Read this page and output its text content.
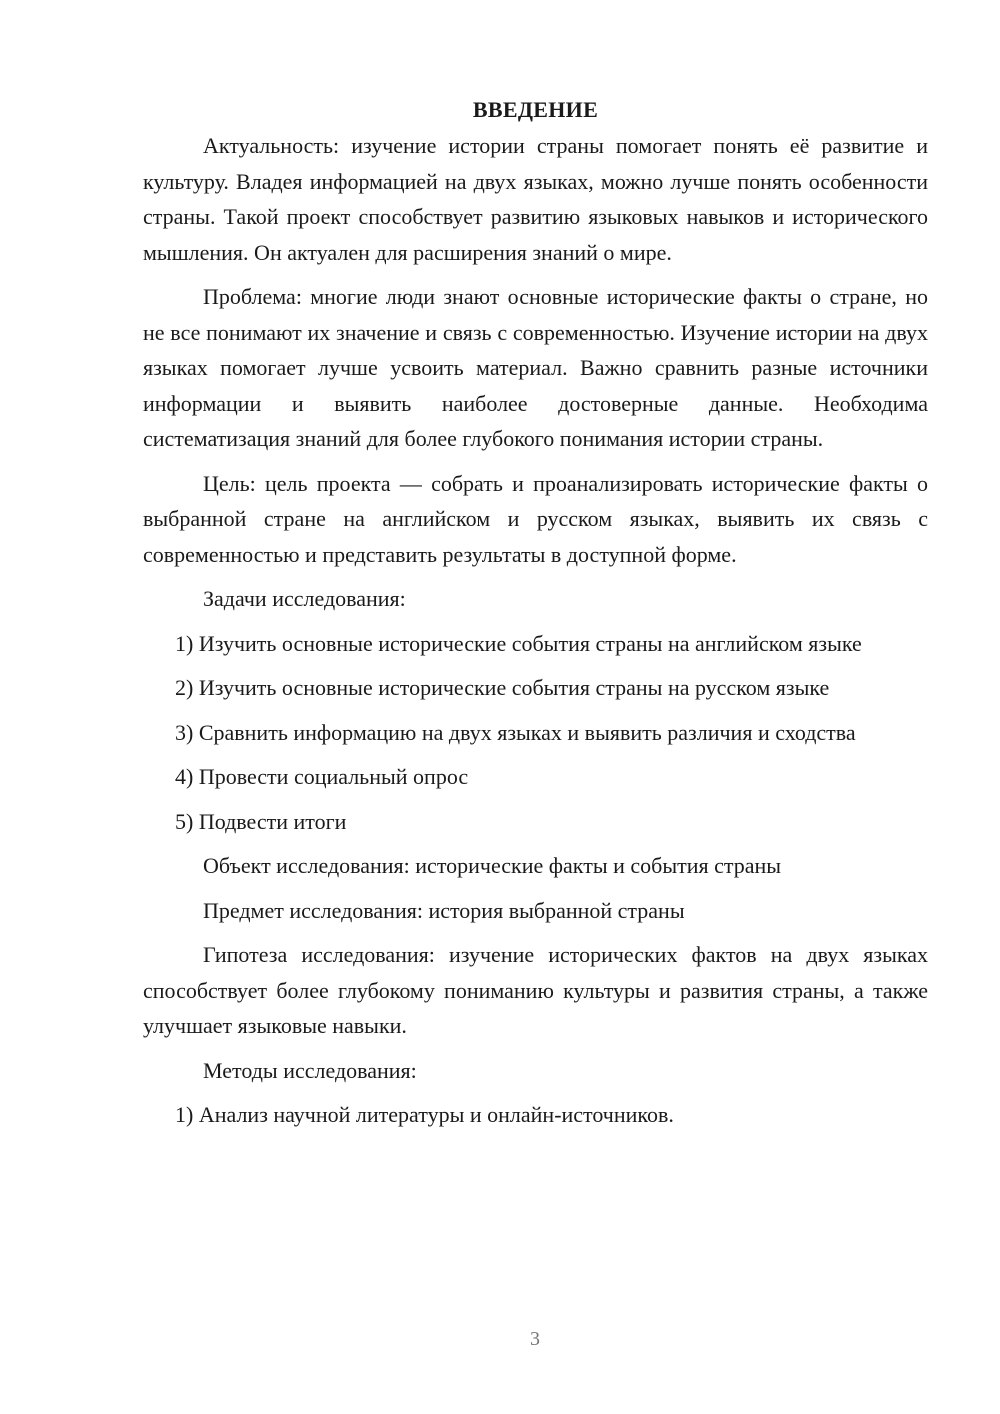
ВВЕДЕНИЕ

Актуальность: изучение истории страны помогает понять её развитие и культуру. Владея информацией на двух языках, можно лучше понять особенности страны. Такой проект способствует развитию языковых навыков и исторического мышления. Он актуален для расширения знаний о мире.

Проблема: многие люди знают основные исторические факты о стране, но не все понимают их значение и связь с современностью. Изучение истории на двух языках помогает лучше усвоить материал. Важно сравнить разные источники информации и выявить наиболее достоверные данные. Необходима систематизация знаний для более глубокого понимания истории страны.

Цель: цель проекта — собрать и проанализировать исторические факты о выбранной стране на английском и русском языках, выявить их связь с современностью и представить результаты в доступной форме.

Задачи исследования:

1) Изучить основные исторические события страны на английском языке

2) Изучить основные исторические события страны на русском языке

3) Сравнить информацию на двух языках и выявить различия и сходства

4) Провести социальный опрос

5) Подвести итоги

Объект исследования: исторические факты и события страны

Предмет исследования: история выбранной страны

Гипотеза исследования: изучение исторических фактов на двух языках способствует более глубокому пониманию культуры и развития страны, а также улучшает языковые навыки.

Методы исследования:

1) Анализ научной литературы и онлайн-источников.

3
